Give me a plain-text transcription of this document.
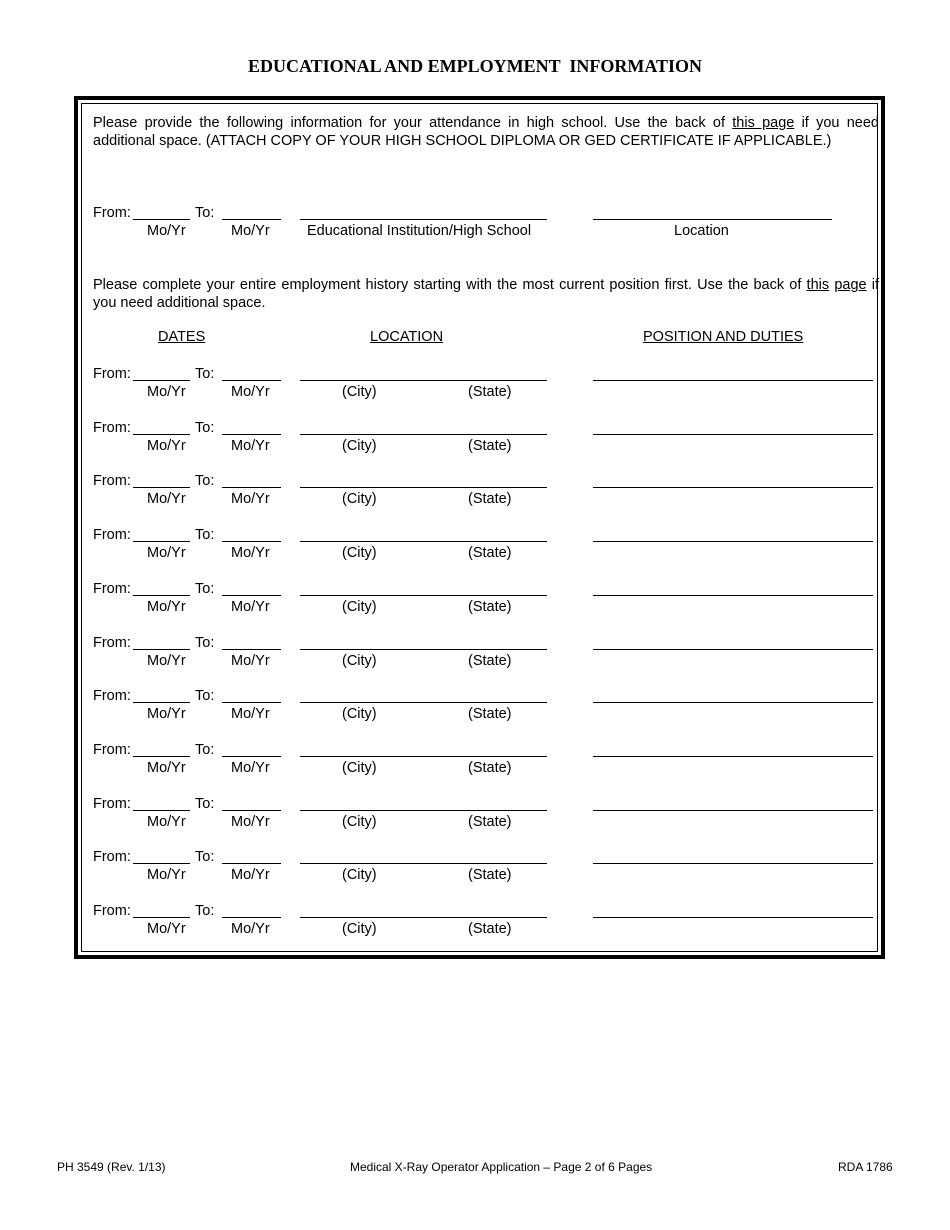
EDUCATIONAL AND EMPLOYMENT  INFORMATION
Please provide the following information for your attendance in high school. Use the back of this page if you need additional space. (ATTACH COPY OF YOUR HIGH SCHOOL DIPLOMA OR GED CERTIFICATE IF APPLICABLE.)
From:	To:
Mo/Yr	Mo/Yr	Educational Institution/High School	Location
Please complete your entire employment history starting with the most current position first. Use the back of this page if you need additional space.
DATES	LOCATION	POSITION AND DUTIES
From:	To:
Mo/Yr	Mo/Yr	(City)	(State)
From:	To:
Mo/Yr	Mo/Yr	(City)	(State)
From:	To:
Mo/Yr	Mo/Yr	(City)	(State)
From:	To:
Mo/Yr	Mo/Yr	(City)	(State)
From:	To:
Mo/Yr	Mo/Yr	(City)	(State)
From:	To:
Mo/Yr	Mo/Yr	(City)	(State)
From:	To:
Mo/Yr	Mo/Yr	(City)	(State)
From:	To:
Mo/Yr	Mo/Yr	(City)	(State)
From:	To:
Mo/Yr	Mo/Yr	(City)	(State)
From:	To:
Mo/Yr	Mo/Yr	(City)	(State)
From:	To:
Mo/Yr	Mo/Yr	(City)	(State)
PH 3549 (Rev. 1/13)	Medical X-Ray Operator Application – Page 2 of 6 Pages	RDA 1786
